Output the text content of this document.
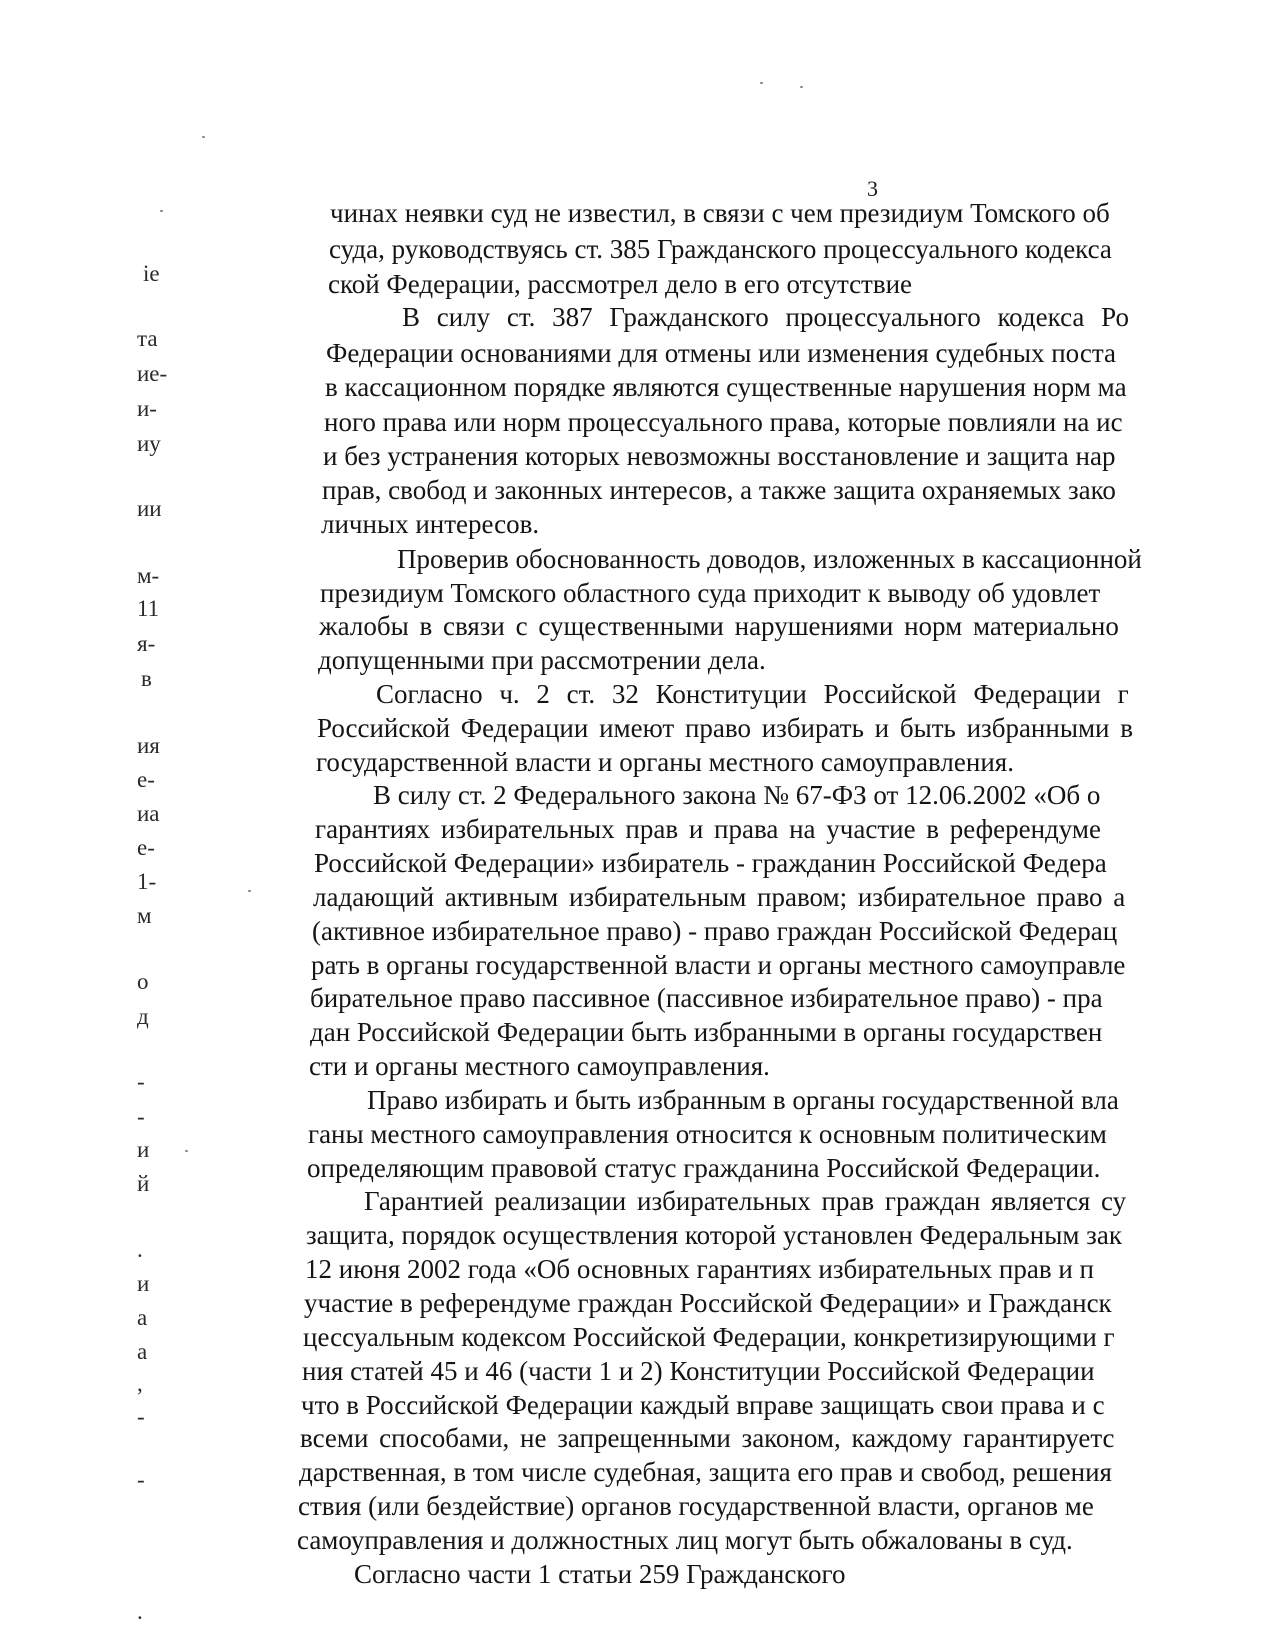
3
ie
та
ие-
и-
иу
ии
м-
11
я-
в
ия
е-
иа
е-
1-
м
о
д
-
-
и
й
.
и
а
а
,
-
-
.
чинах неявки суд не известил, в связи с чем президиум Томского об
суда, руководствуясь ст. 385 Гражданского процессуального кодекса
ской Федерации, рассмотрел дело в его отсутствие
В силу ст. 387 Гражданского процессуального кодекса Ро
Федерации основаниями для отмены или изменения судебных поста
в кассационном порядке являются существенные нарушения норм ма
ного права или норм процессуального права, которые повлияли на ис
и без устранения которых невозможны восстановление и защита нар
прав, свобод и законных интересов, а также защита охраняемых зако
личных интересов.
Проверив обоснованность доводов, изложенных в кассационной
президиум Томского областного суда приходит к выводу об удовлет
жалобы в связи с существенными нарушениями норм материально
допущенными при рассмотрении дела.
Согласно ч. 2 ст. 32 Конституции Российской Федерации г
Российской Федерации имеют право избирать и быть избранными в
государственной власти и органы местного самоуправления.
В силу ст. 2 Федерального закона № 67-ФЗ от 12.06.2002 «Об о
гарантиях избирательных прав и права на участие в референдуме
Российской Федерации» избиратель - гражданин Российской Федера
ладающий активным избирательным правом; избирательное право а
(активное избирательное право) - право граждан Российской Федерац
рать в органы государственной власти и органы местного самоуправле
бирательное право пассивное (пассивное избирательное право) - пра
дан Российской Федерации быть избранными в органы государствен
сти и органы местного самоуправления.
Право избирать и быть избранным в органы государственной вла
ганы местного самоуправления относится к основным политическим
определяющим правовой статус гражданина Российской Федерации.
Гарантией реализации избирательных прав граждан является су
защита, порядок осуществления которой установлен Федеральным зак
12 июня 2002 года «Об основных гарантиях избирательных прав и п
участие в референдуме граждан Российской Федерации» и Гражданск
цессуальным кодексом Российской Федерации, конкретизирующими г
ния статей 45 и 46 (части 1 и 2) Конституции Российской Федерации
что в Российской Федерации каждый вправе защищать свои права и с
всеми способами, не запрещенными законом, каждому гарантируетс
дарственная, в том числе судебная, защита его прав и свобод, решения
ствия (или бездействие) органов государственной власти, органов ме
самоуправления и должностных лиц могут быть обжалованы в суд.
Согласно части 1 статьи 259 Гражданского
